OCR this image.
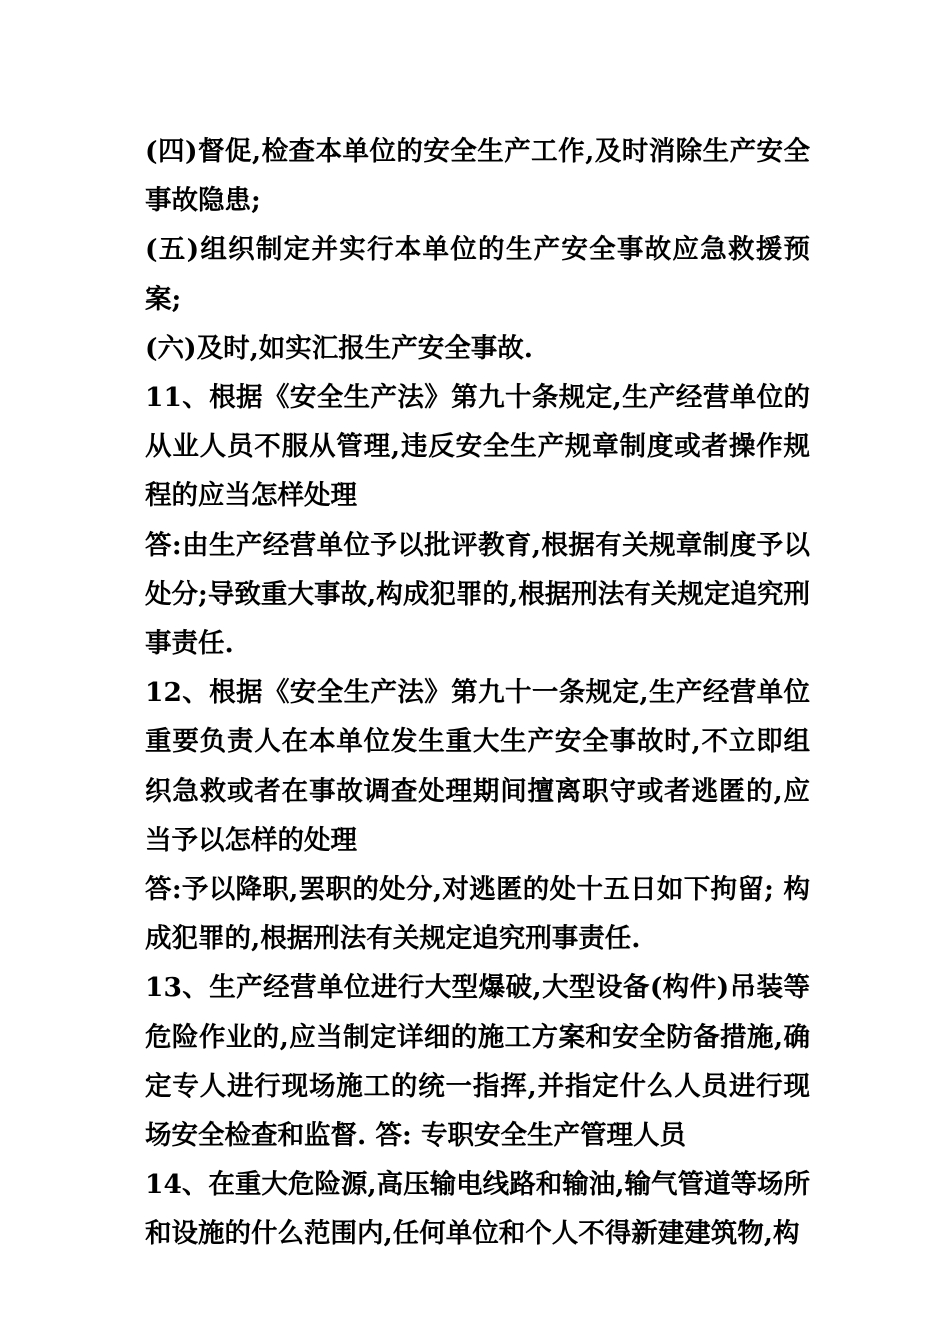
(四)督促,检查本单位的安全生产工作,及时消除生产安全事故隐患;

(五)组织制定并实行本单位的生产安全事故应急救援预案;

(六)及时,如实汇报生产安全事故.

11、根据《安全生产法》第九十条规定,生产经营单位的从业人员不服从管理,违反安全生产规章制度或者操作规程的应当怎样处理

答:由生产经营单位予以批评教育,根据有关规章制度予以处分;导致重大事故,构成犯罪的,根据刑法有关规定追究刑事责任.

12、根据《安全生产法》第九十一条规定,生产经营单位重要负责人在本单位发生重大生产安全事故时,不立即组织急救或者在事故调查处理期间擅离职守或者逃匿的,应当予以怎样的处理

答:予以降职,罢职的处分,对逃匿的处十五日如下拘留; 构成犯罪的,根据刑法有关规定追究刑事责任.

13、生产经营单位进行大型爆破,大型设备(构件)吊装等危险作业的,应当制定详细的施工方案和安全防备措施,确定专人进行现场施工的统一指挥,并指定什么人员进行现场安全检查和监督. 答: 专职安全生产管理人员

14、在重大危险源,高压输电线路和输油,输气管道等场所和设施的什么范围内,任何单位和个人不得新建建筑物,构
